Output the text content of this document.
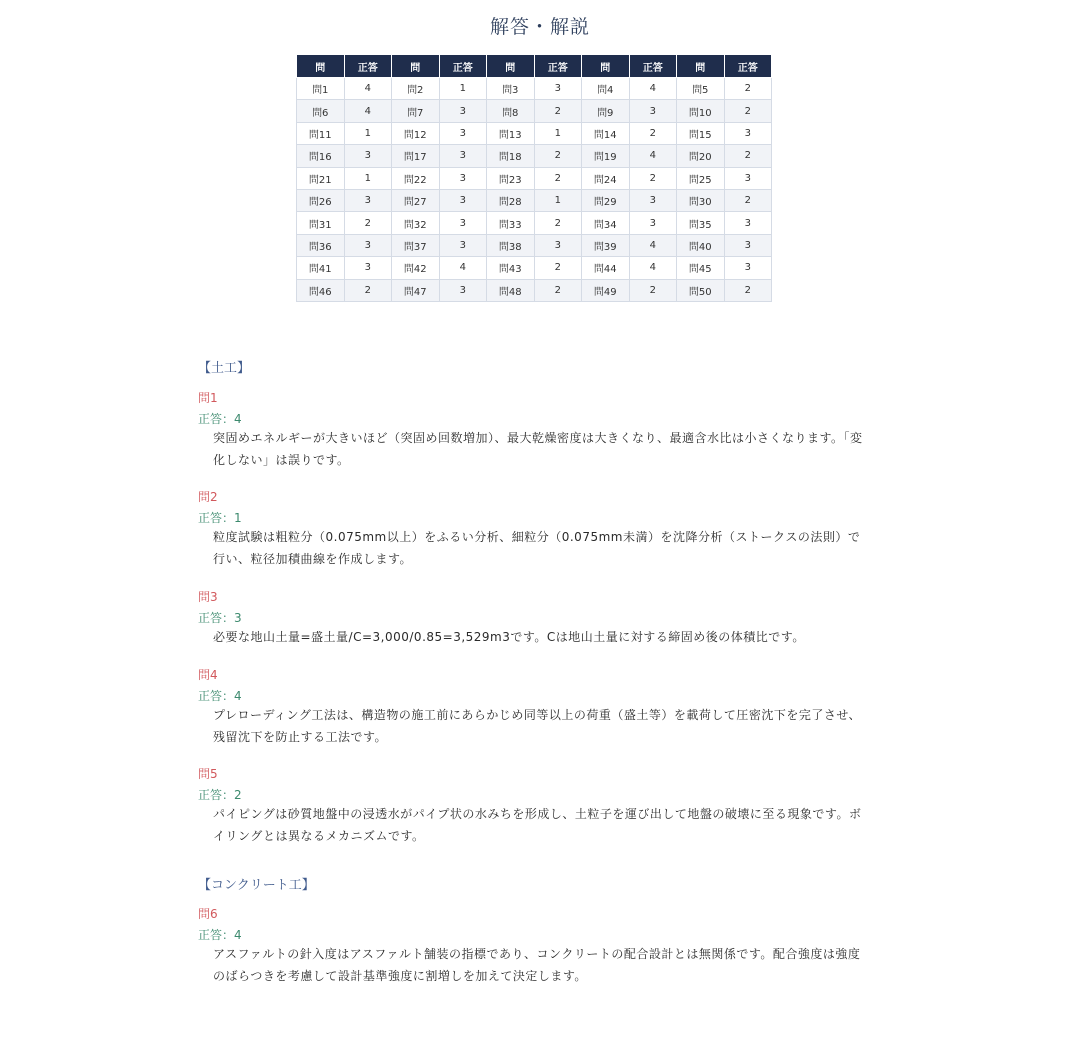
解答・解説
問	正答	問	正答	問	正答	問	正答	問	正答
問1	4	問2	1	問3	3	問4	4	問5	2
問6	4	問7	3	問8	2	問9	3	問10	2
問11	1	問12	3	問13	1	問14	2	問15	3
問16	3	問17	3	問18	2	問19	4	問20	2
問21	1	問22	3	問23	2	問24	2	問25	3
問26	3	問27	3	問28	1	問29	3	問30	2
問31	2	問32	3	問33	2	問34	3	問35	3
問36	3	問37	3	問38	3	問39	4	問40	3
問41	3	問42	4	問43	2	問44	4	問45	3
問46	2	問47	3	問48	2	問49	2	問50	2
【土工】
問1
正答：4
突固めエネルギーが大きいほど（突固め回数増加）、最大乾燥密度は大きくなり、最適含水比は小さくなります。「変化しない」は誤りです。
問2
正答：1
粒度試験は粗粒分（0.075mm以上）をふるい分析、細粒分（0.075mm未満）を沈降分析（ストークスの法則）で行い、粒径加積曲線を作成します。
問3
正答：3
必要な地山土量=盛土量/C=3,000/0.85=3,529m3です。Cは地山土量に対する締固め後の体積比です。
問4
正答：4
プレローディング工法は、構造物の施工前にあらかじめ同等以上の荷重（盛土等）を載荷して圧密沈下を完了させ、残留沈下を防止する工法です。
問5
正答：2
パイピングは砂質地盤中の浸透水がパイプ状の水みちを形成し、土粒子を運び出して地盤の破壊に至る現象です。ボイリングとは異なるメカニズムです。
【コンクリート工】
問6
正答：4
アスファルトの針入度はアスファルト舗装の指標であり、コンクリートの配合設計とは無関係です。配合強度は強度のばらつきを考慮して設計基準強度に割増しを加えて決定します。
